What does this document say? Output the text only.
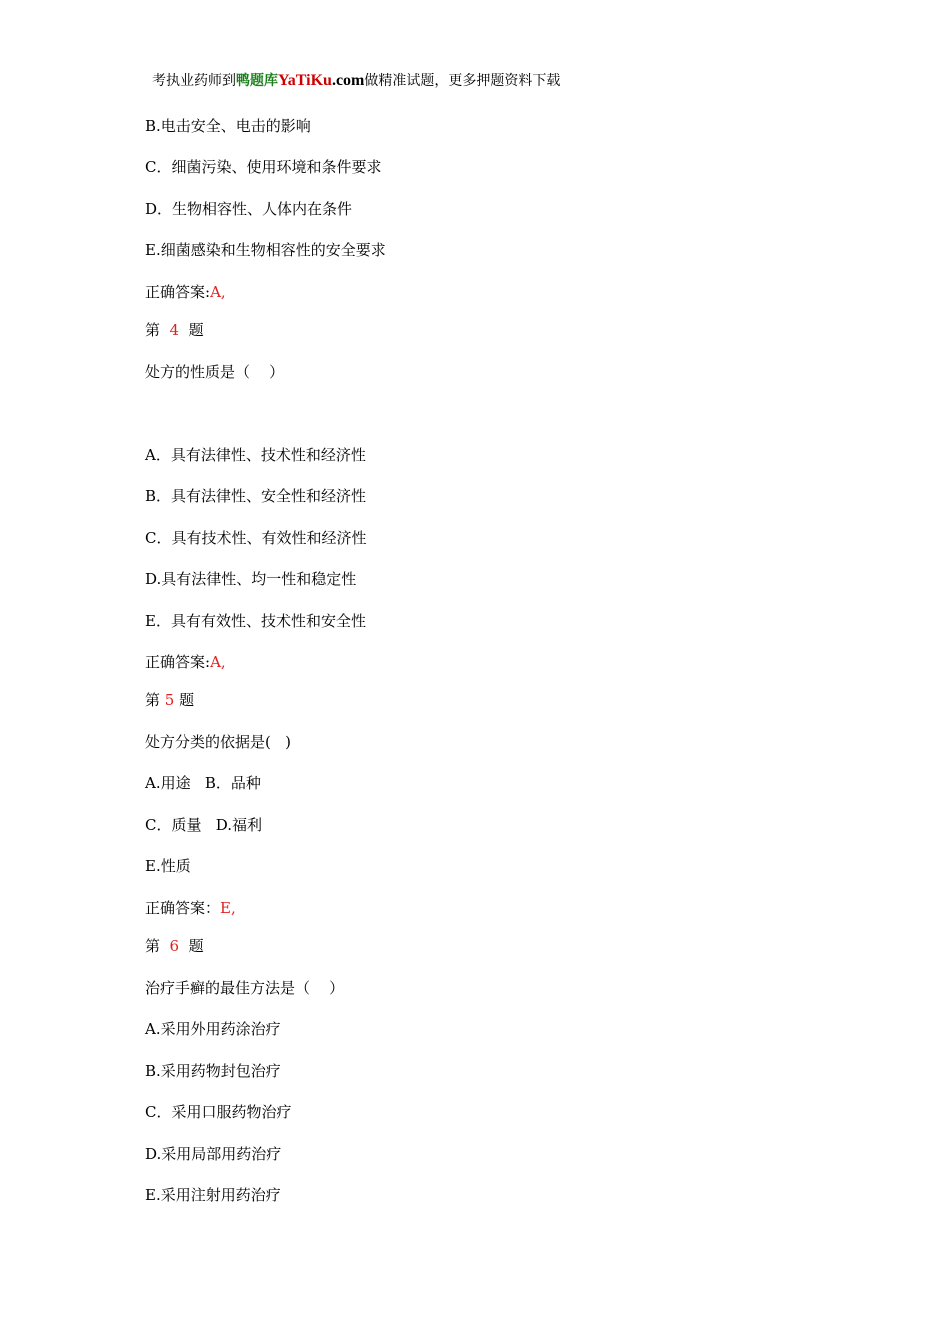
考执业药师到鸭题库YaTiKu.com做精准试题，更多押题资料下载
B.电击安全、电击的影响
C．细菌污染、使用环境和条件要求
D．生物相容性、人体内在条件
E.细菌感染和生物相容性的安全要求
正确答案:A,
第  4  题
处方的性质是（    ）
A．具有法律性、技术性和经济性
B．具有法律性、安全性和经济性
C．具有技术性、有效性和经济性
D.具有法律性、均一性和稳定性
E．具有有效性、技术性和安全性
正确答案:A,
第 5 题
处方分类的依据是(   )
A.用途   B．品种
C．质量   D.福利
E.性质
正确答案：E,
第  6  题
治疗手癣的最佳方法是（    ）
A.采用外用药涂治疗
B.采用药物封包治疗
C．采用口服药物治疗
D.采用局部用药治疗
E.采用注射用药治疗
